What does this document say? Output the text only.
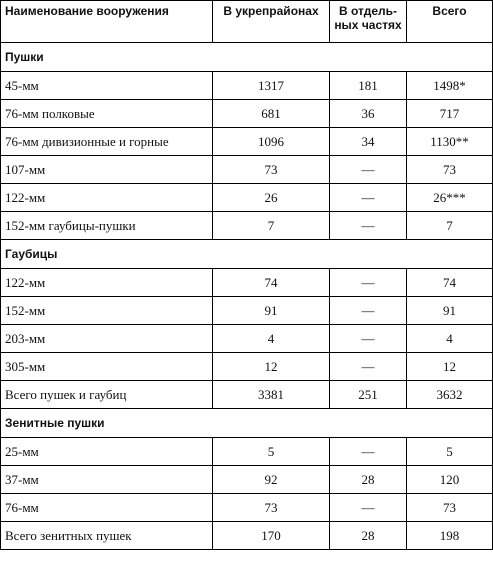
Наименование вооружения	В укрепрайонах	В отдель-ных частях	Всего
Пушки			
45-мм	1317	181	1498*
76-мм полковые	681	36	717
76-мм дивизионные и горные	1096	34	1130**
107-мм	73	—	73
122-мм	26	—	26***
152-мм гаубицы-пушки	7	—	7
Гаубицы			
122-мм	74	—	74
152-мм	91	—	91
203-мм	4	—	4
305-мм	12	—	12
Всего пушек и гаубиц	3381	251	3632
Зенитные пушки			
25-мм	5	—	5
37-мм	92	28	120
76-мм	73	—	73
Всего зенитных пушек	170	28	198
